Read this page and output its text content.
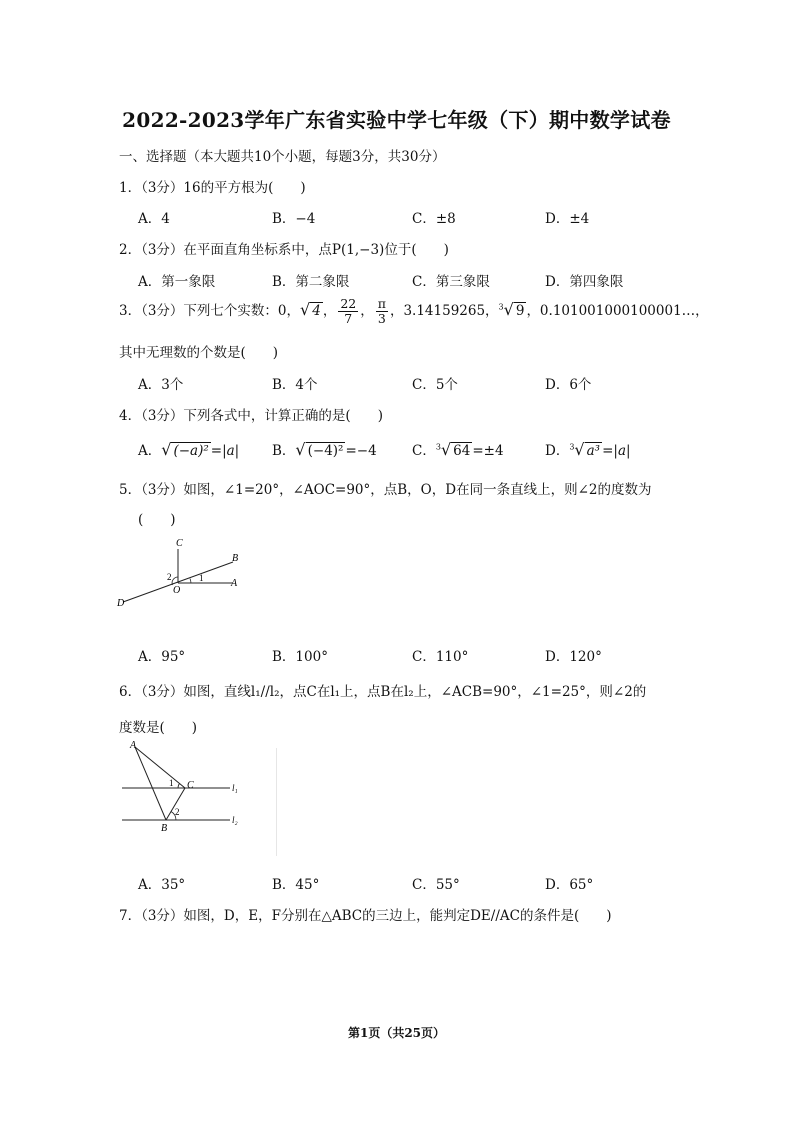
2022-2023学年广东省实验中学七年级（下）期中数学试卷
一、选择题（本大题共10个小题，每题3分，共30分）
1．（3分）16的平方根为(　　)
A．4	B．−4	C．±8	D．±4
2．（3分）在平面直角坐标系中，点P(1,−3)位于(　　)
A．第一象限	B．第二象限	C．第三象限	D．第四象限
3．（3分）下列七个实数：0，√ 4 ， $\frac{22}{7}$ ， $\frac{\pi}{3}$ ，3.14159265，$^3$√ 9 ，0.101001000100001…，
其中无理数的个数是(　　)
A．3个	B．4个	C．5个	D．6个
4．（3分）下列各式中，计算正确的是(　　)
A．√ (−a)² =|a| B．√ (−4)² =−4	C．$^3$√ 64 =±4	D．$^3$√ a³ =|a|
5．（3分）如图，∠1=20°，∠AOC=90°，点B，O，D在同一条直线上，则∠2的度数为
(　　)
C
B
A
O
D
1
2
A．95°	B．100°	C．110°	D．120°
6．（3分）如图，直线l₁//l₂，点C在l₁上，点B在l₂上，∠ACB=90°，∠1=25°，则∠2的
度数是(　　)
A
C
B
l₁
l₂
1
2
A．35°	B．45°	C．55°	D．65°
7．（3分）如图，D，E，F分别在△ABC的三边上，能判定DE//AC的条件是(　　)
第1页（共25页）
